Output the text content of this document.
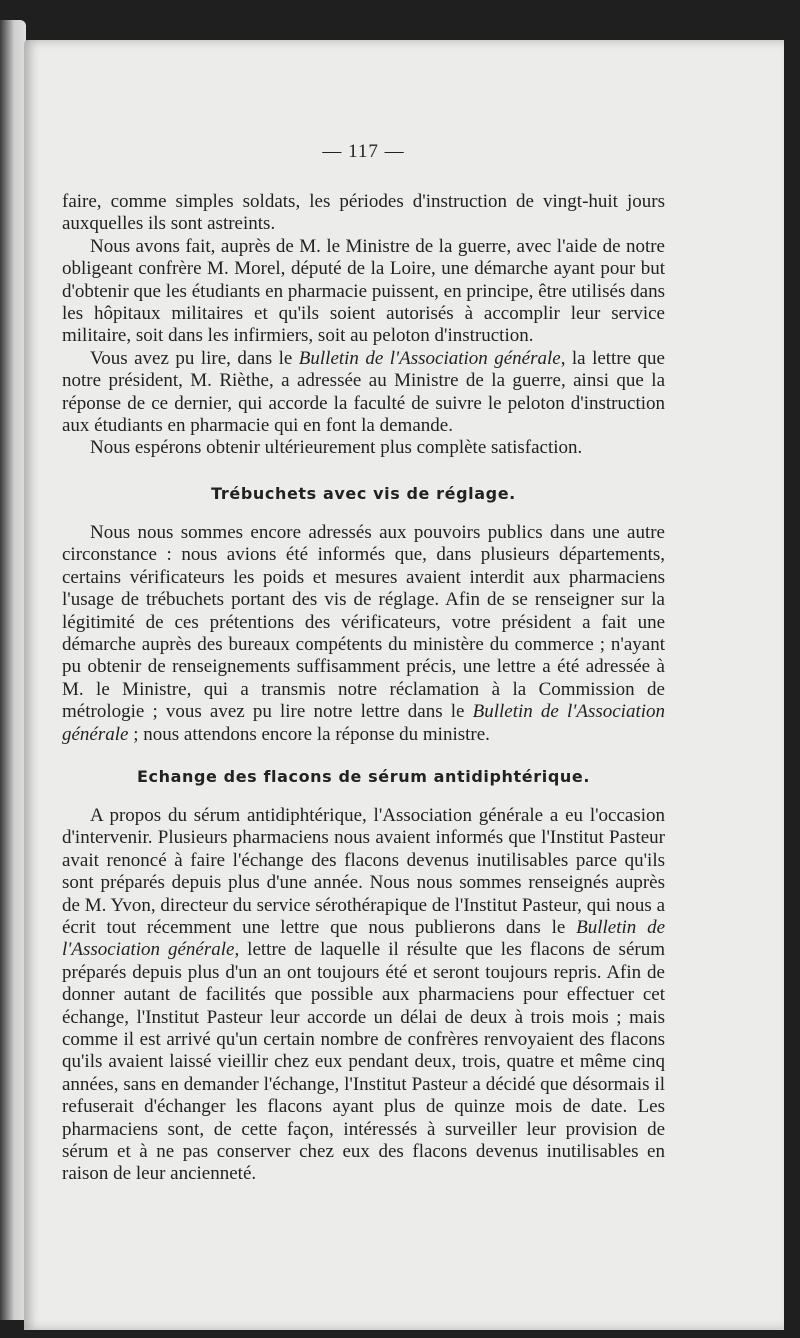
— 117 —

faire, comme simples soldats, les périodes d'instruction de vingt-huit jours auxquelles ils sont astreints.

Nous avons fait, auprès de M. le Ministre de la guerre, avec l'aide de notre obligeant confrère M. Morel, député de la Loire, une démarche ayant pour but d'obtenir que les étudiants en pharmacie puissent, en principe, être utilisés dans les hôpitaux militaires et qu'ils soient autorisés à accomplir leur service militaire, soit dans les infirmiers, soit au peloton d'instruction.

Vous avez pu lire, dans le Bulletin de l'Association générale, la lettre que notre président, M. Rièthe, a adressée au Ministre de la guerre, ainsi que la réponse de ce dernier, qui accorde la faculté de suivre le peloton d'instruction aux étudiants en pharmacie qui en font la demande.

Nous espérons obtenir ultérieurement plus complète satisfaction.

Trébuchets avec vis de réglage.

Nous nous sommes encore adressés aux pouvoirs publics dans une autre circonstance : nous avions été informés que, dans plusieurs départements, certains vérificateurs les poids et mesures avaient interdit aux pharmaciens l'usage de trébuchets portant des vis de réglage. Afin de se renseigner sur la légitimité de ces prétentions des vérificateurs, votre président a fait une démarche auprès des bureaux compétents du ministère du commerce ; n'ayant pu obtenir de renseignements suffisamment précis, une lettre a été adressée à M. le Ministre, qui a transmis notre réclamation à la Commission de métrologie ; vous avez pu lire notre lettre dans le Bulletin de l'Association générale ; nous attendons encore la réponse du ministre.

Echange des flacons de sérum antidiphtérique.

A propos du sérum antidiphtérique, l'Association générale a eu l'occasion d'intervenir. Plusieurs pharmaciens nous avaient informés que l'Institut Pasteur avait renoncé à faire l'échange des flacons devenus inutilisables parce qu'ils sont préparés depuis plus d'une année. Nous nous sommes renseignés auprès de M. Yvon, directeur du service sérothérapique de l'Institut Pasteur, qui nous a écrit tout récemment une lettre que nous publierons dans le Bulletin de l'Association générale, lettre de laquelle il résulte que les flacons de sérum préparés depuis plus d'un an ont toujours été et seront toujours repris. Afin de donner autant de facilités que possible aux pharmaciens pour effectuer cet échange, l'Institut Pasteur leur accorde un délai de deux à trois mois ; mais comme il est arrivé qu'un certain nombre de confrères renvoyaient des flacons qu'ils avaient laissé vieillir chez eux pendant deux, trois, quatre et même cinq années, sans en demander l'échange, l'Institut Pasteur a décidé que désormais il refuserait d'échanger les flacons ayant plus de quinze mois de date. Les pharmaciens sont, de cette façon, intéressés à surveiller leur provision de sérum et à ne pas conserver chez eux des flacons devenus inutilisables en raison de leur ancienneté.
